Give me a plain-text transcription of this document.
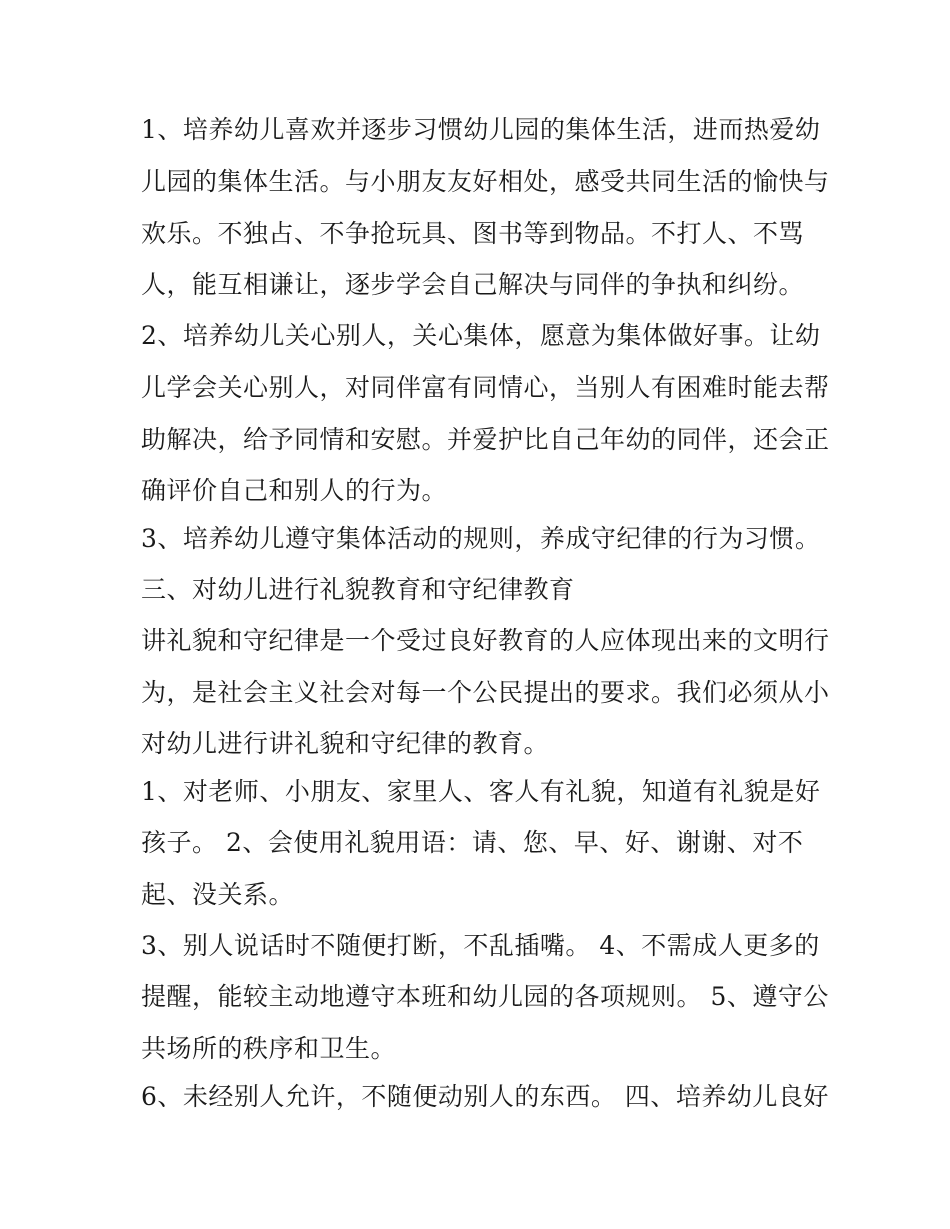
1、培养幼儿喜欢并逐步习惯幼儿园的集体生活，进而热爱幼
儿园的集体生活。与小朋友友好相处，感受共同生活的愉快与
欢乐。不独占、不争抢玩具、图书等到物品。不打人、不骂
人，能互相谦让，逐步学会自己解决与同伴的争执和纠纷。
2、培养幼儿关心别人，关心集体，愿意为集体做好事。让幼
儿学会关心别人，对同伴富有同情心，当别人有困难时能去帮
助解决，给予同情和安慰。并爱护比自己年幼的同伴，还会正
确评价自己和别人的行为。
3、培养幼儿遵守集体活动的规则，养成守纪律的行为习惯。
三、对幼儿进行礼貌教育和守纪律教育
讲礼貌和守纪律是一个受过良好教育的人应体现出来的文明行
为，是社会主义社会对每一个公民提出的要求。我们必须从小
对幼儿进行讲礼貌和守纪律的教育。
1、对老师、小朋友、家里人、客人有礼貌，知道有礼貌是好
孩子。 2、会使用礼貌用语：请、您、早、好、谢谢、对不
起、没关系。
3、别人说话时不随便打断，不乱插嘴。 4、不需成人更多的
提醒，能较主动地遵守本班和幼儿园的各项规则。 5、遵守公
共场所的秩序和卫生。
6、未经别人允许，不随便动别人的东西。 四、培养幼儿良好
